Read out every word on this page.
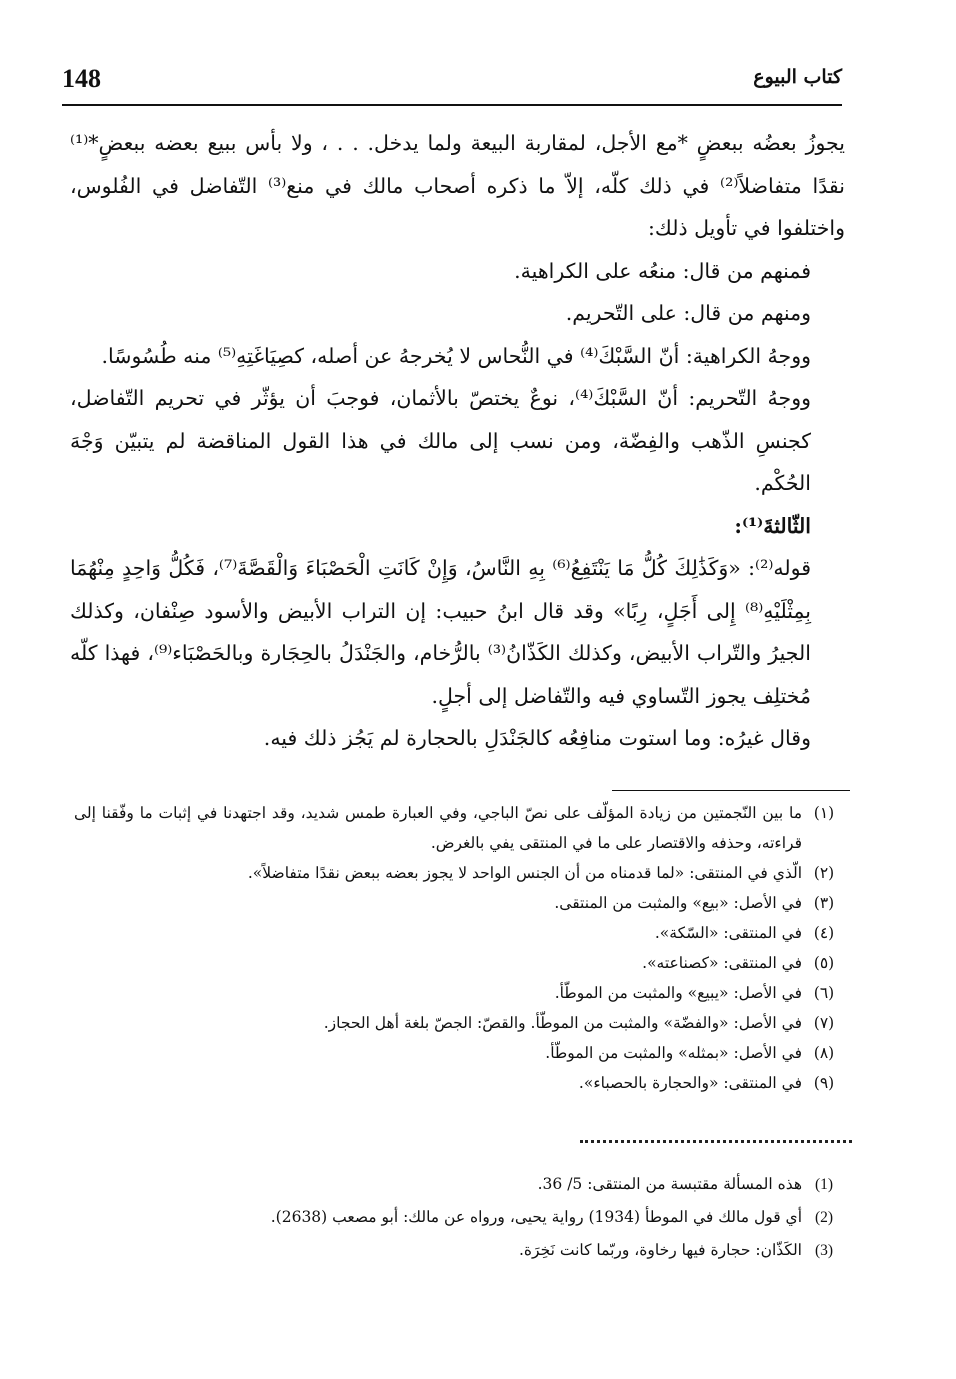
148	كتاب البيوع

يجوزُ بعضُه ببعضٍ *مع الأجل، لمقاربة البيعة ولما يدخل. . . ، ولا بأس ببيع بعضه ببعضٍ*⁽¹⁾ نقدًا متفاضلاً⁽²⁾ في ذلك كلّه، إلاّ ما ذكره أصحاب مالك في منع⁽³⁾ التّفاضل في الفُلوس، واختلفوا في تأويل ذلك:

فمنهم من قال: منعُه على الكراهية.

ومنهم من قال: على التّحريم.

ووجهُ الكراهية: أنّ السَّبْكَ⁽⁴⁾ في النُّحاس لا يُخرجهُ عن أصله، كصِيَاغَتِهِ⁽⁵⁾ منه طُسُوسًا.

ووجهُ التّحريم: أنّ السَّبْكَ⁽⁴⁾، نوعٌ يختصّ بالأثمان، فوجبَ أن يؤثّر في تحريم التّفاضل، كجنسِ الذّهب والفِضّة، ومن نسب إلى مالك في هذا القول المناقضة لم يتبيّن وَجْهَ الحُكْم.

الثّالثةَ⁽¹⁾:

قوله⁽²⁾: «وَكَذَٰلِكَ كُلُّ مَا يَنْتَفِعُ⁽⁶⁾ بِهِ النَّاسُ، وَإِنْ كَانَتِ الْحَصْبَاءَ وَالْقَصَّةَ⁽⁷⁾، فَكُلُّ وَاحِدٍ مِنْهُمَا بِمِثْلَيْهِ⁽⁸⁾ إِلى أَجَلٍ، رِبًا» وقد قال ابنُ حبيب: إن التراب الأبيض والأسود صِنْفان، وكذلك الجيرُ والتّراب الأبيض، وكذلك الكَذّانُ⁽³⁾ بالرُّخام، والجَنْدَلُ بالحِجَارة وبالحَصْبَاء⁽⁹⁾، فهذا كلّه مُختلِف يجوز التّساوي فيه والتّفاضل إلى أجلٍ.

وقال غيرُه: وما استوت منافِعُه كالجَنْدَلِ بالحجارة لم يَجُز ذلك فيه.

(١)
ما بين النّجمتين من زيادة المؤلّف على نصّ الباجي، وفي العبارة طمس شديد، وقد اجتهدنا في إثبات ما وفّقنا إلى قراءته، وحذفه والاقتصار على ما في المنتقى يفي بالغرض.
(٢)
الّذي في المنتقى: «لما قدمناه من أن الجنس الواحد لا يجوز بعضه ببعض نقدًا متفاضلاً».
(٣)
في الأصل: «بيع» والمثبت من المنتقى.
(٤)
في المنتقى: «السّكة».
(٥)
في المنتقى: «كصناعته».
(٦)
في الأصل: «يبيع» والمثبت من الموطّأ.
(٧)
في الأصل: «والفضّة» والمثبت من الموطّأ. والقصّ: الجصّ بلغة أهل الحجاز.
(٨)
في الأصل: «بمثله» والمثبت من الموطّأ.
(٩)
في المنتقى: «والحجارة بالحصباء».
(1)
هذه المسألة مقتبسة من المنتقى: 5/ 36.
(2)
أي قول مالك في الموطأ (1934) رواية يحيى، ورواه عن مالك: أبو مصعب (2638).
(3)
الكَذّان: حجارة فيها رخاوة، وربّما كانت نَخِرَة.
